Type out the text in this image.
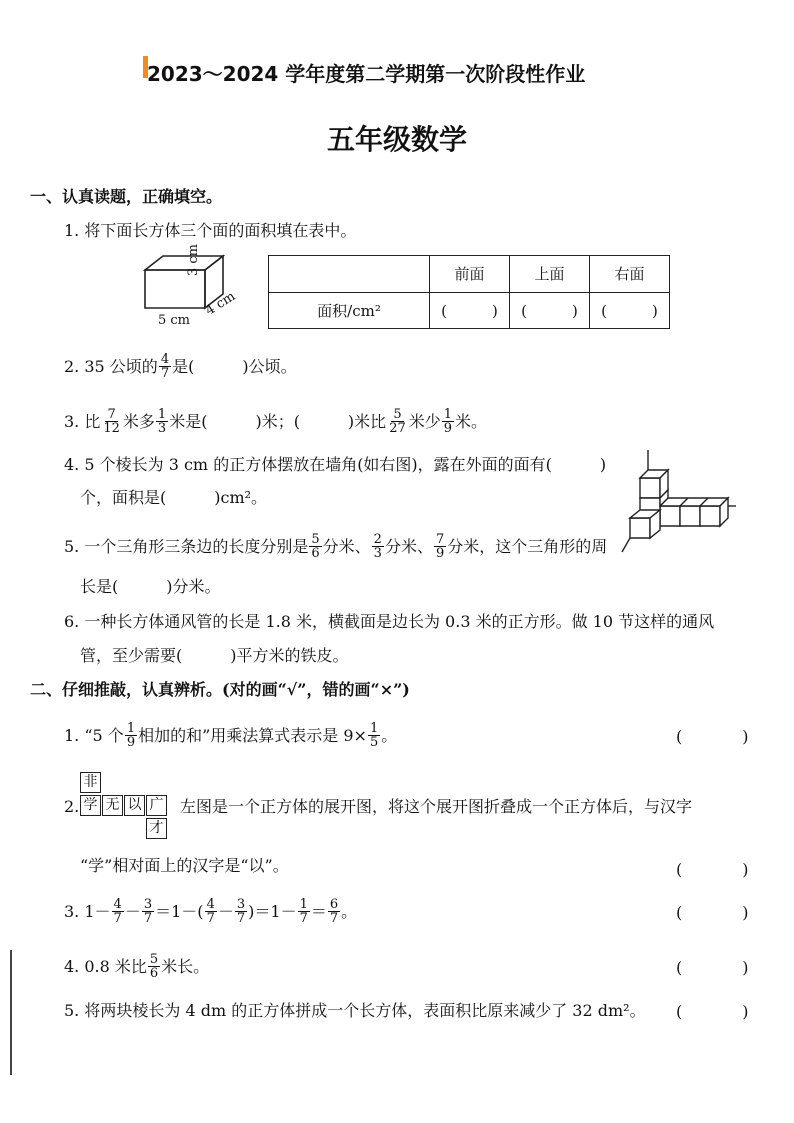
2023～2024 学年度第二学期第一次阶段性作业
五年级数学
一、认真读题，正确填空。
1. 将下面长方体三个面的面积填在表中。
5 cm
4 cm
3 cm
		前面	上面	右面
面积/cm²	(　　　)	(　　　)	(　　　)
2. 35 公顷的 $\frac{4}{7}$ 是(　　　)公顷。
3. 比 $\frac{7}{12}$ 米多 $\frac{1}{3}$ 米是(　　　)米；(　　　)米比 $\frac{5}{27}$ 米少 $\frac{1}{9}$ 米。
4. 5 个棱长为 3 cm 的正方体摆放在墙角(如右图)，露在外面的面有(　　　)
个，面积是(　　　)cm²。
5. 一个三角形三条边的长度分别是 $\frac{5}{6}$ 分米、 $\frac{2}{3}$ 分米、 $\frac{7}{9}$ 分米，这个三角形的周
长是(　　　)分米。
6. 一种长方体通风管的长是 1.8 米，横截面是边长为 0.3 米的正方形。做 10 节这样的通风
管，至少需要(　　　)平方米的铁皮。
二、仔细推敲，认真辨析。(对的画“√”，错的画“×”)
1. “5 个 $\frac{1}{9}$ 相加的和”用乘法算式表示是 $9\times \frac{1}{5}$ 。	(　)
2.
非
学 无 以 广
才
左图是一个正方体的展开图，将这个展开图折叠成一个正方体后，与汉字
“学”相对面上的汉字是“以”。	(　)
3. $1- \frac{4}{7} - \frac{3}{7} =1-( \frac{4}{7} - \frac{3}{7} )=1- \frac{1}{7} = \frac{6}{7}$ 。	(　)
4. 0.8 米比 $\frac{5}{6}$ 米长。	(　)
5. 将两块棱长为 4 dm 的正方体拼成一个长方体，表面积比原来减少了 32 dm²。 (　)
